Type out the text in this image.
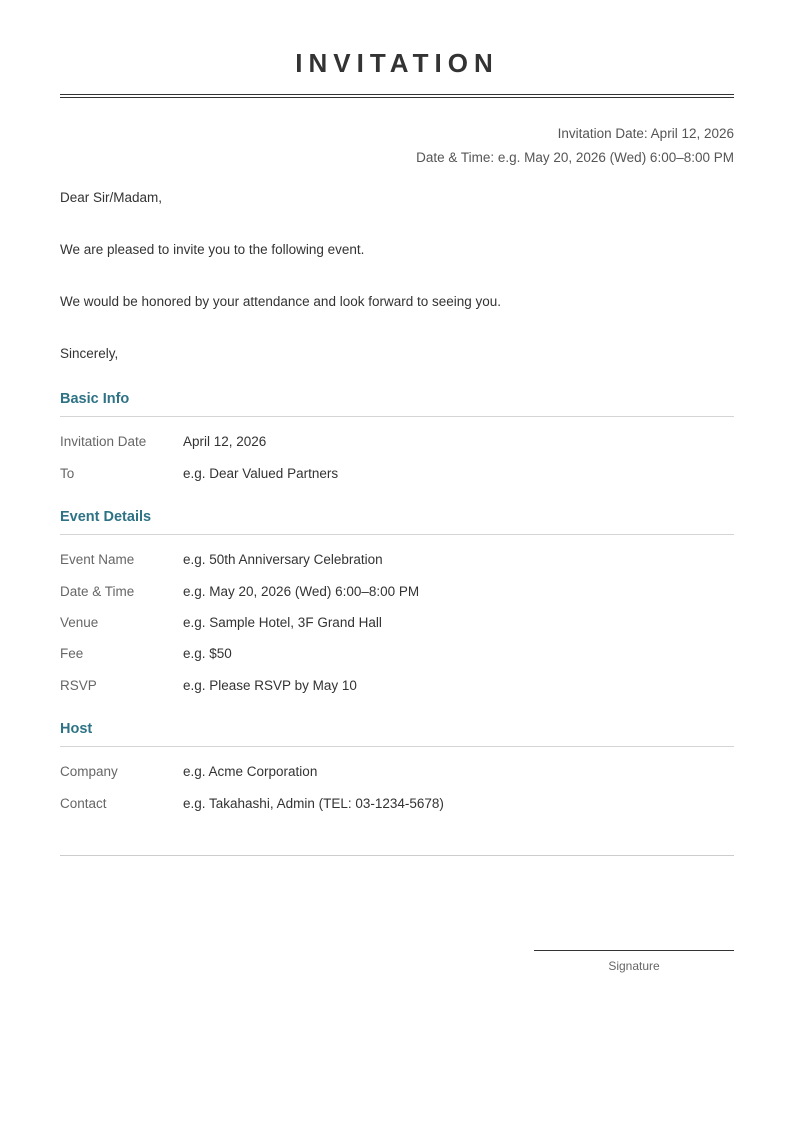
INVITATION
Invitation Date: April 12, 2026
Date & Time: e.g. May 20, 2026 (Wed) 6:00–8:00 PM
Dear Sir/Madam,
We are pleased to invite you to the following event.
We would be honored by your attendance and look forward to seeing you.
Sincerely,
Basic Info
Invitation Date	April 12, 2026
To	e.g. Dear Valued Partners
Event Details
Event Name	e.g. 50th Anniversary Celebration
Date & Time	e.g. May 20, 2026 (Wed) 6:00–8:00 PM
Venue	e.g. Sample Hotel, 3F Grand Hall
Fee	e.g. $50
RSVP	e.g. Please RSVP by May 10
Host
Company	e.g. Acme Corporation
Contact	e.g. Takahashi, Admin (TEL: 03-1234-5678)
Signature
